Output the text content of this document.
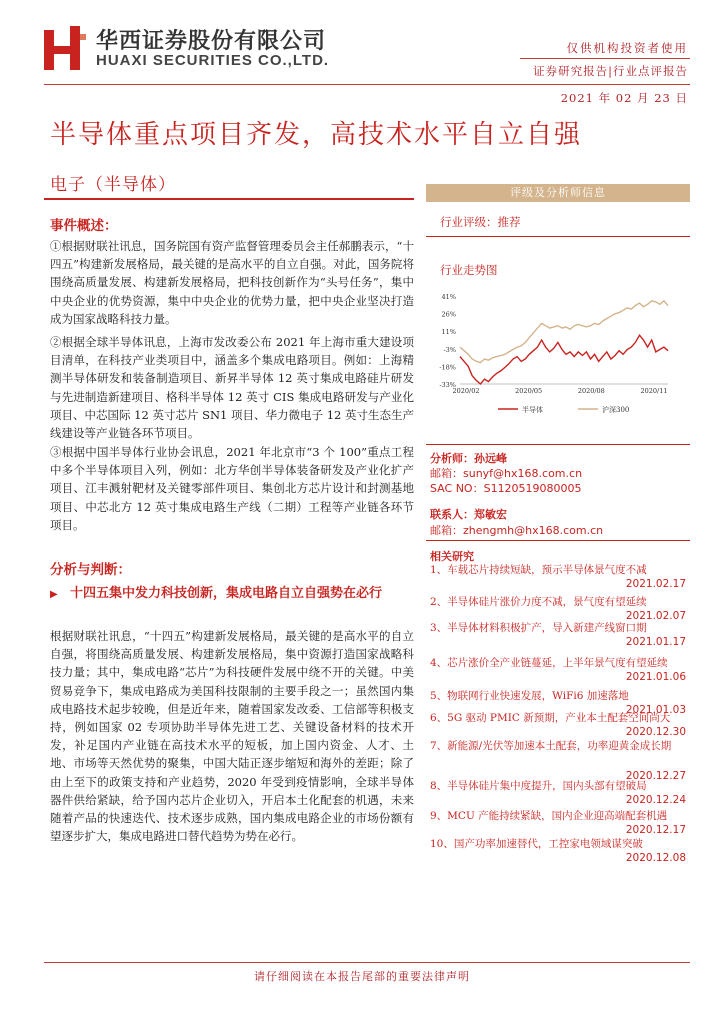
华西证券股份有限公司
HUAXI SECURITIES CO.,LTD.
仅供机构投资者使用
证券研究报告|行业点评报告
2021 年 02 月 23 日
半导体重点项目齐发，高技术水平自立自强
电子（半导体）
事件概述：
①根据财联社讯息，国务院国有资产监督管理委员会主任郝鹏表示，“十四五”构建新发展格局，最关键的是高水平的自立自强。对此，国务院将围绕高质量发展、构建新发展格局，把科技创新作为“头号任务”，集中中央企业的优势资源，集中中央企业的优势力量，把中央企业坚决打造成为国家战略科技力量。
②根据全球半导体讯息，上海市发改委公布 2021 年上海市重大建设项目清单，在科技产业类项目中，涵盖多个集成电路项目。例如：上海精测半导体研发和装备制造项目、新昇半导体 12 英寸集成电路硅片研发与先进制造新建项目、格科半导体 12 英寸 CIS 集成电路研发与产业化项目、中芯国际 12 英寸芯片 SN1 项目、华力微电子 12 英寸生态生产线建设等产业链各环节项目。
③根据中国半导体行业协会讯息，2021 年北京市“3 个 100”重点工程中多个半导体项目入列，例如：北方华创半导体装备研发及产业化扩产项目、江丰溅射靶材及关键零部件项目、集创北方芯片设计和封测基地项目、中芯北方 12 英寸集成电路生产线（二期）工程等产业链各环节项目。
分析与判断：
▶ 十四五集中发力科技创新，集成电路自立自强势在必行
根据财联社讯息，“十四五”构建新发展格局，最关键的是高水平的自立自强，将围绕高质量发展、构建新发展格局，集中资源打造国家战略科技力量；其中，集成电路“芯片”为科技硬件发展中绕不开的关键。中美贸易竞争下，集成电路成为美国科技限制的主要手段之一；虽然国内集成电路技术起步较晚，但是近年来，随着国家发改委、工信部等积极支持，例如国家 02 专项协助半导体先进工艺、关键设备材料的技术开发，补足国内产业链在高技术水平的短板，加上国内资金、人才、土地、市场等天然优势的聚集，中国大陆正逐步缩短和海外的差距；除了由上至下的政策支持和产业趋势，2020 年受到疫情影响，全球半导体器件供给紧缺，给予国内芯片企业切入，开启本土化配套的机遇，未来随着产品的快速迭代、技术逐步成熟，国内集成电路企业的市场份额有望逐步扩大，集成电路进口替代趋势为势在必行。
评级及分析师信息
行业评级：推荐
行业走势图
41%
26%
11%
-3%
-18%
-33%
2020/02	2020/05	2020/08	2020/11
半导体	沪深300
分析师：孙远峰
邮箱：sunyf@hx168.com.cn
SAC NO：S1120519080005
联系人：郑敏宏
邮箱：zhengmh@hx168.com.cn
相关研究
1、车载芯片持续短缺，预示半导体景气度不减
2021.02.17
2、半导体硅片涨价力度不减，景气度有望延续
2021.02.07
3、半导体材料积极扩产，导入新建产线窗口期
2021.01.17
4、芯片涨价全产业链蔓延，上半年景气度有望延续
2021.01.06
5、物联网行业快速发展，WiFi6 加速落地
2021.01.03
6、5G 驱动 PMIC 新预期，产业本土配套空间尚大
2020.12.30
7、新能源/光伏等加速本土配套，功率迎黄金成长期
2020.12.27
8、半导体硅片集中度提升，国内头部有望破局
2020.12.24
9、MCU 产能持续紧缺，国内企业迎高端配套机遇
2020.12.17
10、国产功率加速替代，工控家电领域谋突破
2020.12.08
请仔细阅读在本报告尾部的重要法律声明
